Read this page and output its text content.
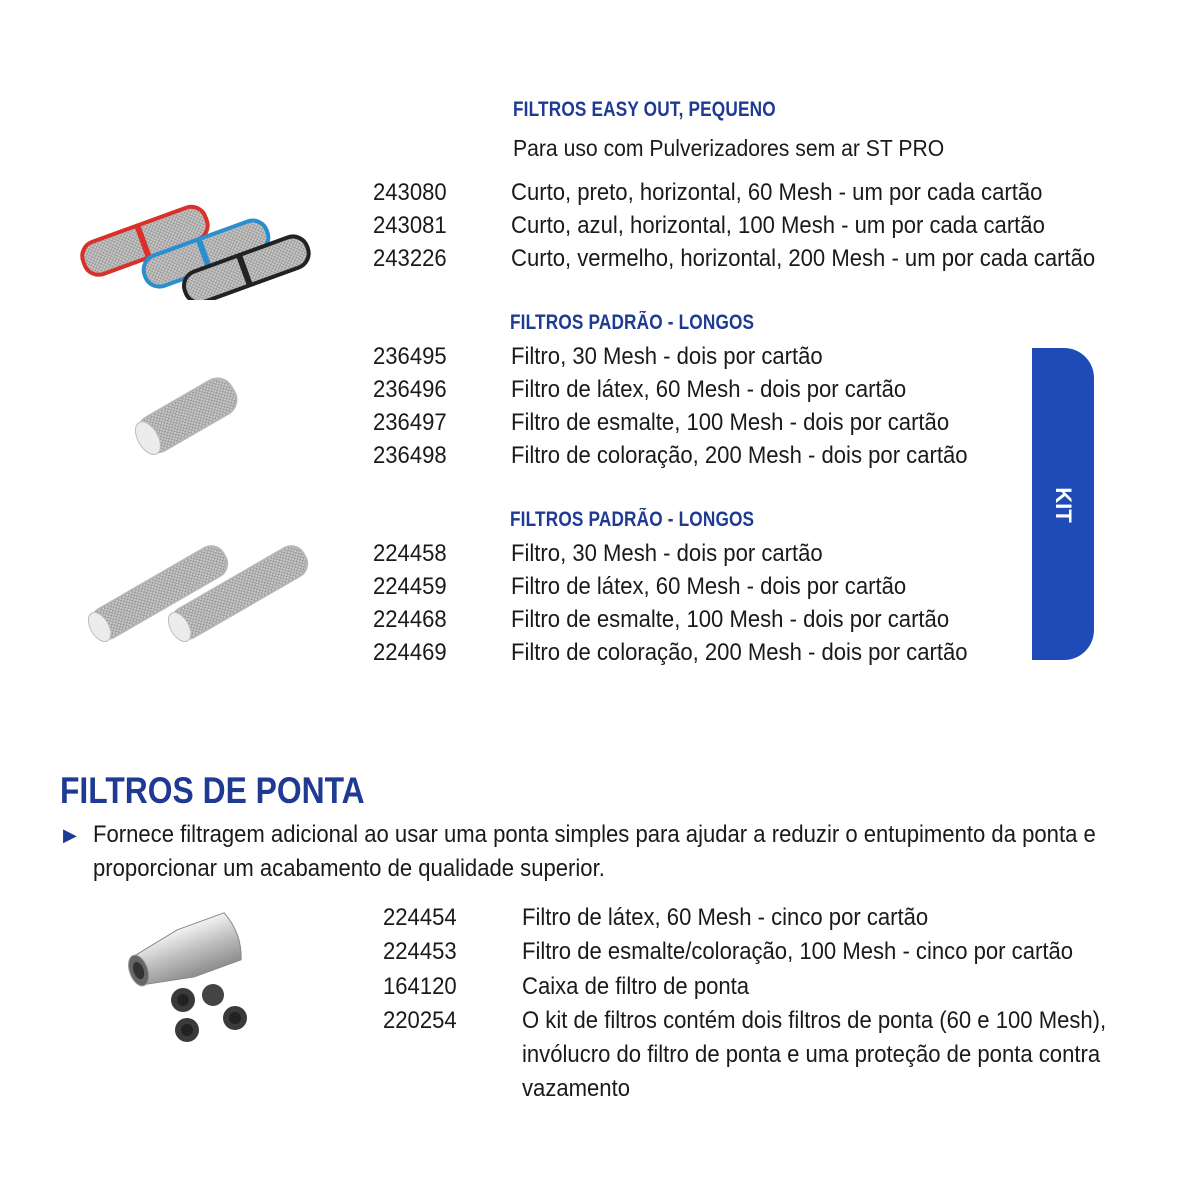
FILTROS EASY OUT, PEQUENO
Para uso com Pulverizadores sem ar ST PRO
243080	Curto, preto, horizontal, 60 Mesh - um por cada cartão
243081	Curto, azul, horizontal, 100 Mesh - um por cada cartão
243226	Curto, vermelho, horizontal, 200 Mesh - um por cada cartão
FILTROS PADRÃO - LONGOS
236495	Filtro, 30 Mesh - dois por cartão
236496	Filtro de látex, 60 Mesh - dois por cartão
236497	Filtro de esmalte, 100 Mesh - dois por cartão
236498	Filtro de coloração, 200 Mesh - dois por cartão
FILTROS PADRÃO - LONGOS
224458	Filtro, 30 Mesh - dois por cartão
224459	Filtro de látex, 60 Mesh - dois por cartão
224468	Filtro de esmalte, 100 Mesh - dois por cartão
224469	Filtro de coloração, 200 Mesh - dois por cartão
KIT
FILTROS DE PONTA
▶ Fornece filtragem adicional ao usar uma ponta simples para ajudar a reduzir o entupimento da ponta e proporcionar um acabamento de qualidade superior.
224454	Filtro de látex, 60 Mesh - cinco por cartão
224453	Filtro de esmalte/coloração, 100 Mesh - cinco por cartão
164120	Caixa de filtro de ponta
220254	O kit de filtros contém dois filtros de ponta (60 e 100 Mesh), invólucro do filtro de ponta e uma proteção de ponta contra vazamento
